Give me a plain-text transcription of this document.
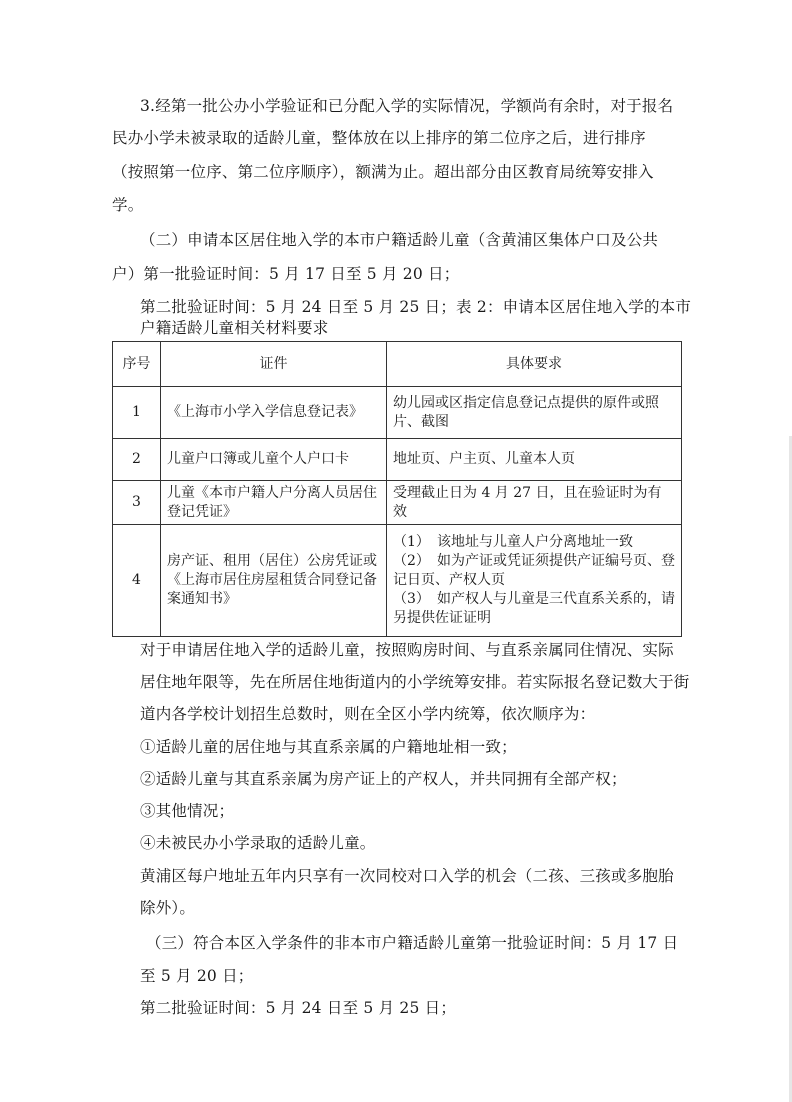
3.经第一批公办小学验证和已分配入学的实际情况，学额尚有余时，对于报名
民办小学未被录取的适龄儿童，整体放在以上排序的第二位序之后，进行排序
（按照第一位序、第二位序顺序），额满为止。超出部分由区教育局统筹安排入
学。
（二）申请本区居住地入学的本市户籍适龄儿童（含黄浦区集体户口及公共
户）第一批验证时间：5 月 17 日至 5 月 20 日；
第二批验证时间：5 月 24 日至 5 月 25 日；表 2：申请本区居住地入学的本市
户籍适龄儿童相关材料要求
序号	证件	具体要求
1	《上海市小学入学信息登记表》	幼儿园或区指定信息登记点提供的原件或照片、截图
2	儿童户口簿或儿童个人户口卡	地址页、户主页、儿童本人页
3	儿童《本市户籍人户分离人员居住登记凭证》	受理截止日为 4 月 27 日，且在验证时为有效
4	房产证、租用（居住）公房凭证或《上海市居住房屋租赁合同登记备案通知书》	（1） 该地址与儿童人户分离地址一致
（2） 如为产证或凭证须提供产证编号页、登记日页、产权人页
（3） 如产权人与儿童是三代直系关系的，请另提供佐证证明
对于申请居住地入学的适龄儿童，按照购房时间、与直系亲属同住情况、实际
居住地年限等，先在所居住地街道内的小学统筹安排。若实际报名登记数大于街
道内各学校计划招生总数时，则在全区小学内统筹，依次顺序为：
①适龄儿童的居住地与其直系亲属的户籍地址相一致；
②适龄儿童与其直系亲属为房产证上的产权人，并共同拥有全部产权；
③其他情况；
④未被民办小学录取的适龄儿童。
黄浦区每户地址五年内只享有一次同校对口入学的机会（二孩、三孩或多胞胎
除外）。
（三）符合本区入学条件的非本市户籍适龄儿童第一批验证时间：5 月 17 日
至 5 月 20 日；
第二批验证时间：5 月 24 日至 5 月 25 日；
